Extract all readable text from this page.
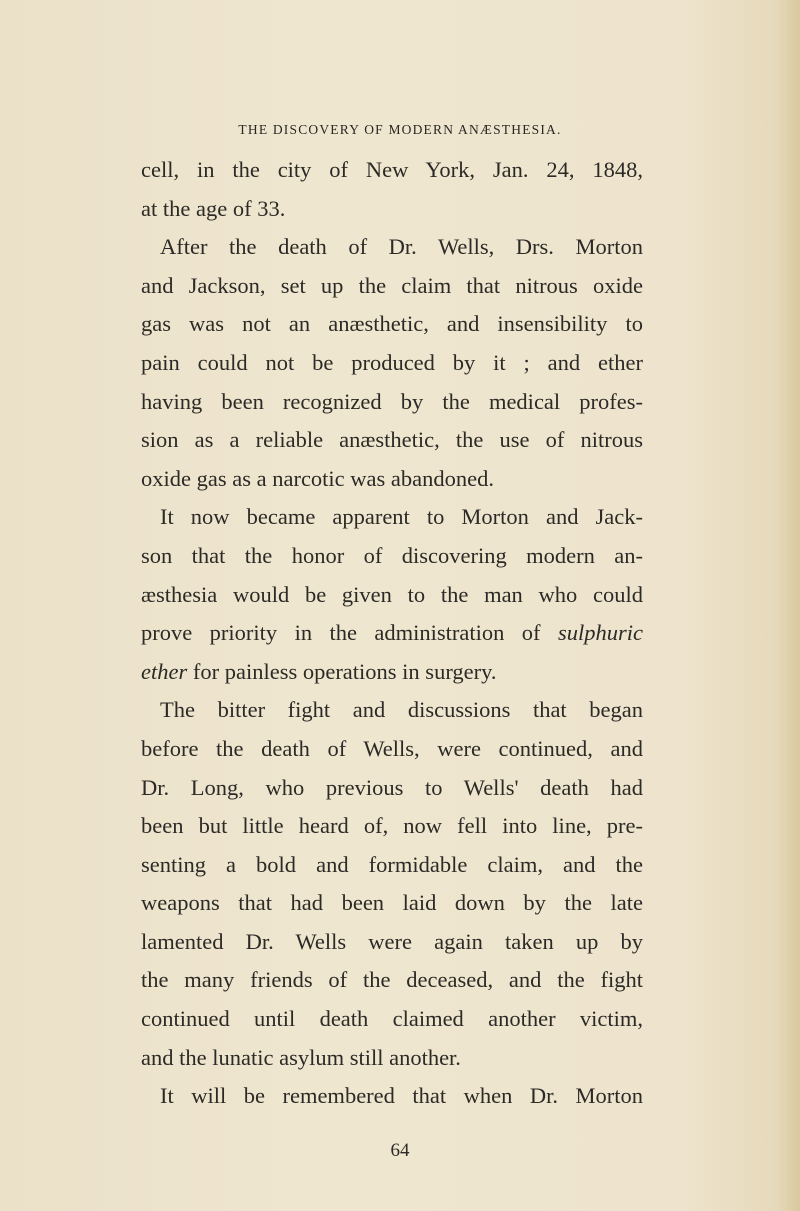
THE DISCOVERY OF MODERN ANÆSTHESIA.
cell, in the city of New York, Jan. 24, 1848,
at the age of 33.
After the death of Dr. Wells, Drs. Morton
and Jackson, set up the claim that nitrous oxide
gas was not an anæsthetic, and insensibility to
pain could not be produced by it ; and ether
having been recognized by the medical profes-
sion as a reliable anæsthetic, the use of nitrous
oxide gas as a narcotic was abandoned.
It now became apparent to Morton and Jack-
son that the honor of discovering modern an-
æsthesia would be given to the man who could
prove priority in the administration of sulphuric
ether for painless operations in surgery.
The bitter fight and discussions that began
before the death of Wells, were continued, and
Dr. Long, who previous to Wells' death had
been but little heard of, now fell into line, pre-
senting a bold and formidable claim, and the
weapons that had been laid down by the late
lamented Dr. Wells were again taken up by
the many friends of the deceased, and the fight
continued until death claimed another victim,
and the lunatic asylum still another.
It will be remembered that when Dr. Morton
64
